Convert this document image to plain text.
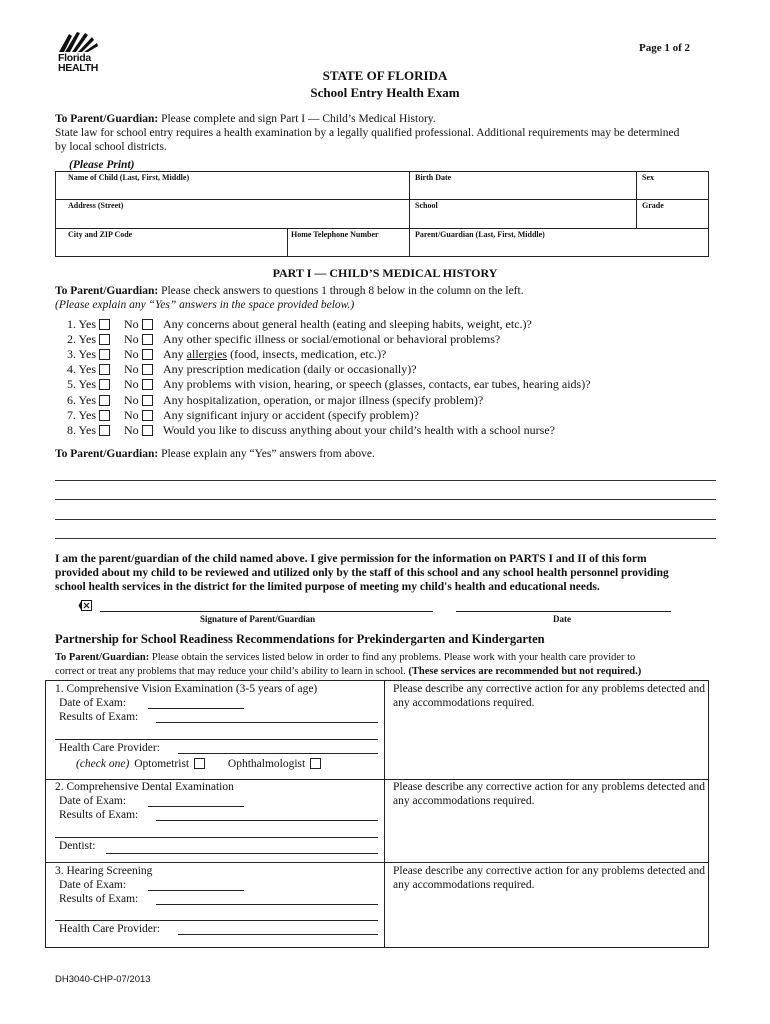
Florida
HEALTH
Page 1 of 2
STATE OF FLORIDA
School Entry Health Exam
To Parent/Guardian: Please complete and sign Part I — Child’s Medical History.
State law for school entry requires a health examination by a legally qualified professional. Additional requirements may be determined
by local school districts.
(Please Print)
Name of Child (Last, First, Middle)	Birth Date	Sex
Address (Street)	School	Grade
City and ZIP Code	Home Telephone Number	Parent/Guardian (Last, First, Middle)
PART I — CHILD’S MEDICAL HISTORY
To Parent/Guardian: Please check answers to questions 1 through 8 below in the column on the left.
(Please explain any “Yes” answers in the space provided below.)
1. Yes	No	Any concerns about general health (eating and sleeping habits, weight, etc.)?
2. Yes	No	Any other specific illness or social/emotional or behavioral problems?
3. Yes	No	Any allergies (food, insects, medication, etc.)?
4. Yes	No	Any prescription medication (daily or occasionally)?
5. Yes	No	Any problems with vision, hearing, or speech (glasses, contacts, ear tubes, hearing aids)?
6. Yes	No	Any hospitalization, operation, or major illness (specify problem)?
7. Yes	No	Any significant injury or accident (specify problem)?
8. Yes	No	Would you like to discuss anything about your child’s health with a school nurse?
To Parent/Guardian: Please explain any “Yes” answers from above.
I am the parent/guardian of the child named above. I give permission for the information on PARTS I and II of this form
provided about my child to be reviewed and utilized only by the staff of this school and any school health personnel providing
school health services in the district for the limited purpose of meeting my child's health and educational needs.
Signature of Parent/Guardian	Date
Partnership for School Readiness Recommendations for Prekindergarten and Kindergarten
To Parent/Guardian: Please obtain the services listed below in order to find any problems. Please work with your health care provider to
correct or treat any problems that may reduce your child’s ability to learn in school. (These services are recommended but not required.)
1. Comprehensive Vision Examination (3-5 years of age)
Date of Exam:
Results of Exam:
Health Care Provider:
(check one) Optometrist	Ophthalmologist
Please describe any corrective action for any problems detected and
any accommodations required.
2. Comprehensive Dental Examination
Date of Exam:
Results of Exam:
Dentist:
Please describe any corrective action for any problems detected and
any accommodations required.
3. Hearing Screening
Date of Exam:
Results of Exam:
Health Care Provider:
Please describe any corrective action for any problems detected and
any accommodations required.
DH3040-CHP-07/2013
